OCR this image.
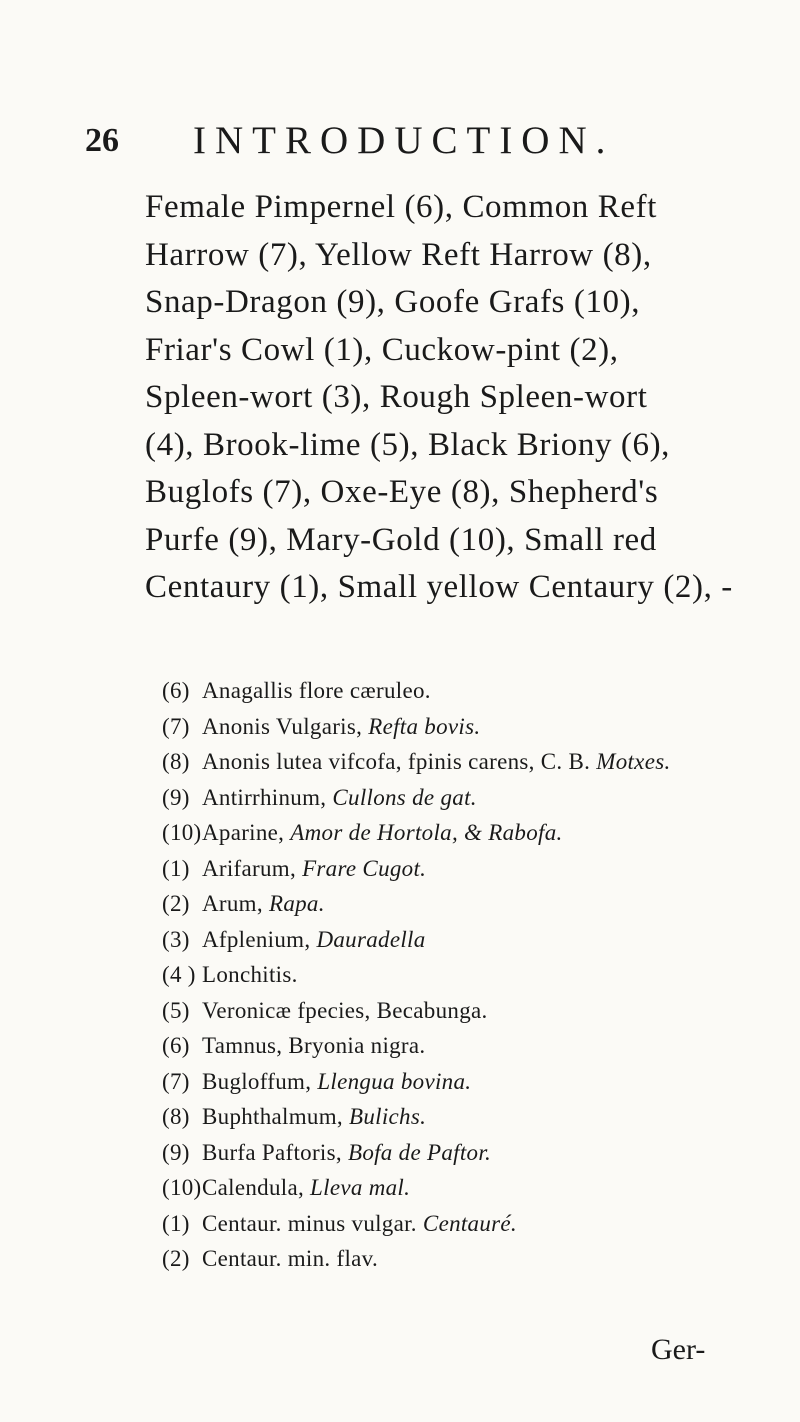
26 INTRODUCTION.
Female Pimpernel (6), Common Reft
Harrow (7), Yellow Reft Harrow (8),
Snap-Dragon (9), Goofe Grafs (10),
Friar's Cowl (1), Cuckow-pint (2),
Spleen-wort (3), Rough Spleen-wort
(4), Brook-lime (5), Black Briony (6),
Buglofs (7), Oxe-Eye (8), Shepherd's
Purfe (9), Mary-Gold (10), Small red
Centaury (1), Small yellow Centaury (2), -
(6) Anagallis flore cæruleo.
(7) Anonis Vulgaris, Refta bovis.
(8) Anonis lutea vifcofa, fpinis carens, C. B. Motxes.
(9) Antirrhinum, Cullons de gat.
(10)Aparine, Amor de Hortola, & Rabofa.
(1) Arifarum, Frare Cugot.
(2) Arum, Rapa.
(3) Afplenium, Dauradella
(4 ) Lonchitis.
(5) Veronicæ fpecies, Becabunga.
(6) Tamnus, Bryonia nigra.
(7) Bugloffum, Llengua bovina.
(8) Buphthalmum, Bulichs.
(9) Burfa Paftoris, Bofa de Paftor.
(10)Calendula, Lleva mal.
(1) Centaur. minus vulgar. Centauré.
(2) Centaur. min. flav.
Ger-
